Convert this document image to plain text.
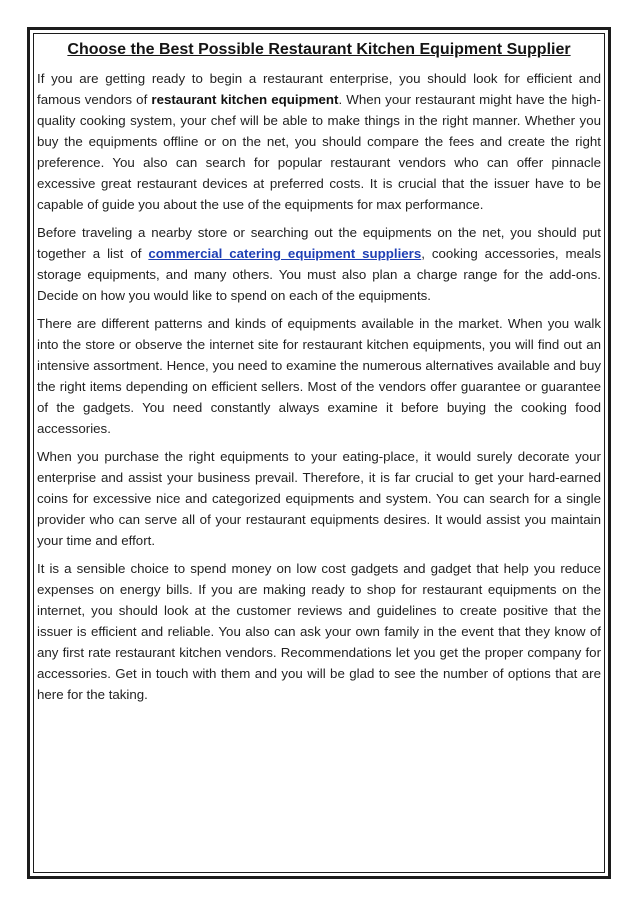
Choose the Best Possible Restaurant Kitchen Equipment Supplier

If you are getting ready to begin a restaurant enterprise, you should look for efficient and famous vendors of restaurant kitchen equipment. When your restaurant might have the high-quality cooking system, your chef will be able to make things in the right manner. Whether you buy the equipments offline or on the net, you should compare the fees and create the right preference. You also can search for popular restaurant vendors who can offer pinnacle excessive great restaurant devices at preferred costs. It is crucial that the issuer have to be capable of guide you about the use of the equipments for max performance.

Before traveling a nearby store or searching out the equipments on the net, you should put together a list of commercial catering equipment suppliers, cooking accessories, meals storage equipments, and many others. You must also plan a charge range for the add-ons. Decide on how you would like to spend on each of the equipments.

There are different patterns and kinds of equipments available in the market. When you walk into the store or observe the internet site for restaurant kitchen equipments, you will find out an intensive assortment. Hence, you need to examine the numerous alternatives available and buy the right items depending on efficient sellers. Most of the vendors offer guarantee or guarantee of the gadgets. You need constantly always examine it before buying the cooking food accessories.

When you purchase the right equipments to your eating-place, it would surely decorate your enterprise and assist your business prevail. Therefore, it is far crucial to get your hard-earned coins for excessive nice and categorized equipments and system. You can search for a single provider who can serve all of your restaurant equipments desires. It would assist you maintain your time and effort.

It is a sensible choice to spend money on low cost gadgets and gadget that help you reduce expenses on energy bills. If you are making ready to shop for restaurant equipments on the internet, you should look at the customer reviews and guidelines to create positive that the issuer is efficient and reliable. You also can ask your own family in the event that they know of any first rate restaurant kitchen vendors. Recommendations let you get the proper company for accessories. Get in touch with them and you will be glad to see the number of options that are here for the taking.
